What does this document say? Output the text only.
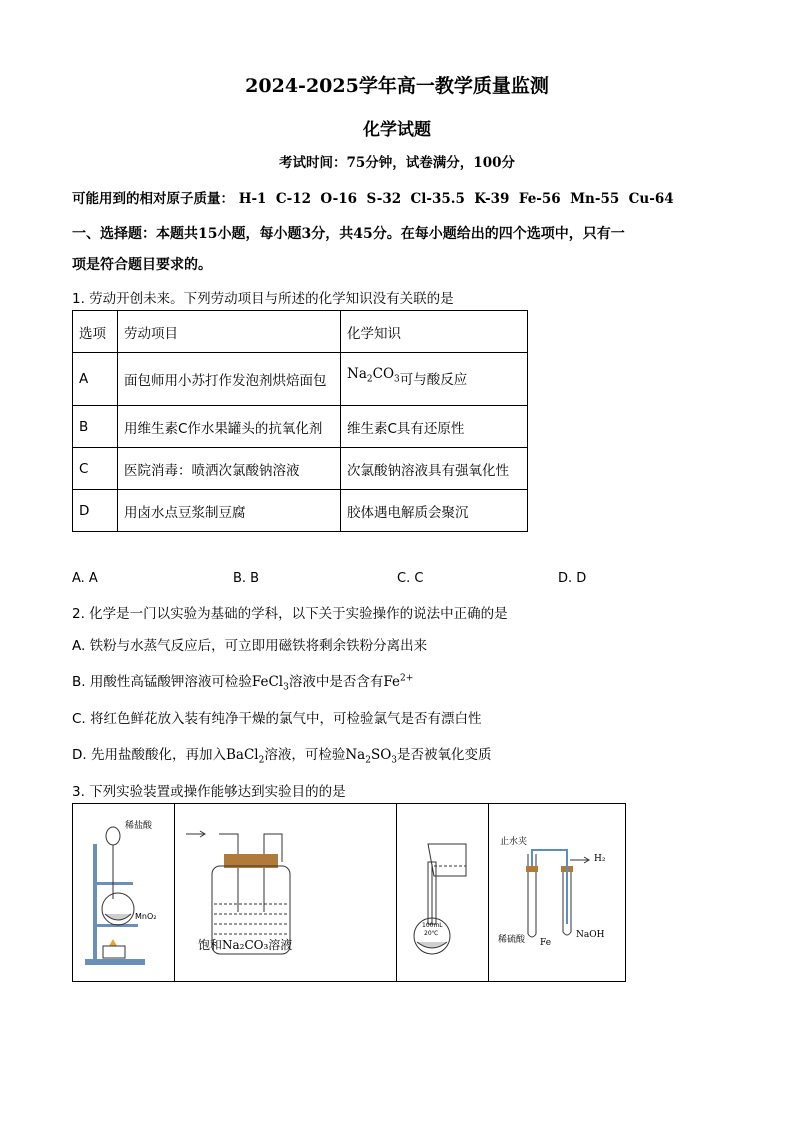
2024-2025学年高一教学质量监测
化学试题
考试时间：75分钟，试卷满分，100分
可能用到的相对原子质量： H-1 C-12 O-16 S-32 Cl-35.5 K-39 Fe-56 Mn-55 Cu-64
一、选择题：本题共15小题，每小题3分，共45分。在每小题给出的四个选项中，只有一
项是符合题目要求的。
1. 劳动开创未来。下列劳动项目与所述的化学知识没有关联的是
选项	劳动项目	化学知识
A	面包师用小苏打作发泡剂烘焙面包	$Na_2CO_3$可与酸反应
B	用维生素C作水果罐头的抗氧化剂	维生素C具有还原性
C	医院消毒：喷洒次氯酸钠溶液	次氯酸钠溶液具有强氧化性
D	用卤水点豆浆制豆腐	胶体遇电解质会聚沉
A. A	B. B	C. C	D. D
2. 化学是一门以实验为基础的学科，以下关于实验操作的说法中正确的是
A. 铁粉与水蒸气反应后，可立即用磁铁将剩余铁粉分离出来
B. 用酸性高锰酸钾溶液可检验FeCl$_3$溶液中是否含有$Fe^{2+}$
C. 将红色鲜花放入装有纯净干燥的氯气中，可检验氯气是否有漂白性
D. 先用盐酸酸化，再加入BaCl$_2$溶液，可检验$Na_2SO_3$是否被氧化变质
3. 下列实验装置或操作能够达到实验目的的是
稀盐酸
MnO₂
饱和Na₂CO₃溶液
100mL
20℃
止水夹
H₂
稀硫酸 Fe
NaOH
